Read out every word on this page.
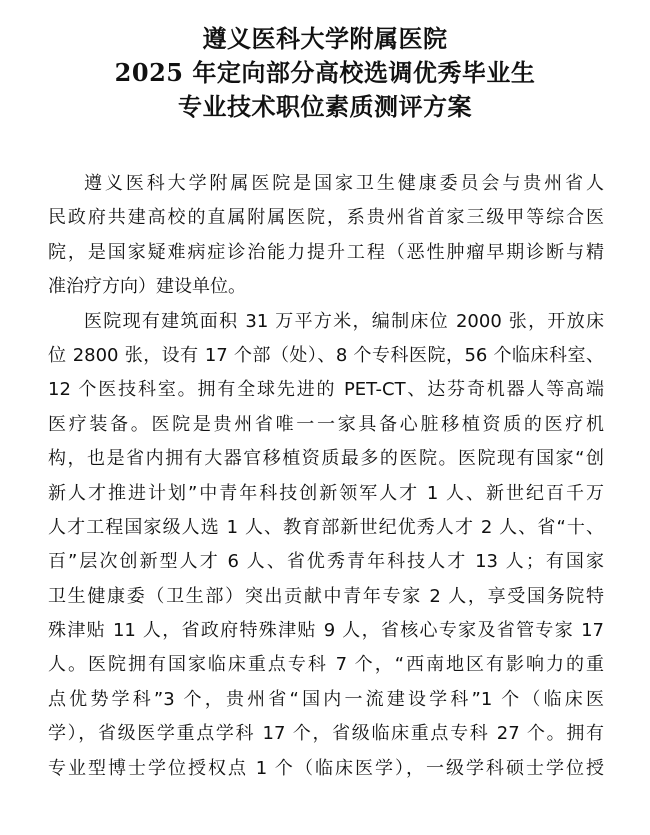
遵义医科大学附属医院
2025 年定向部分高校选调优秀毕业生
专业技术职位素质测评方案
遵义医科大学附属医院是国家卫生健康委员会与贵州省人
民政府共建高校的直属附属医院，系贵州省首家三级甲等综合医
院，是国家疑难病症诊治能力提升工程（恶性肿瘤早期诊断与精
准治疗方向）建设单位。
医院现有建筑面积 31 万平方米，编制床位 2000 张，开放床
位 2800 张，设有 17 个部（处）、8 个专科医院，56 个临床科室、
12 个医技科室。拥有全球先进的 PET-CT、达芬奇机器人等高端
医疗装备。医院是贵州省唯一一家具备心脏移植资质的医疗机
构，也是省内拥有大器官移植资质最多的医院。医院现有国家“创
新人才推进计划”中青年科技创新领军人才 1 人、新世纪百千万
人才工程国家级人选 1 人、教育部新世纪优秀人才 2 人、省“十、
百”层次创新型人才 6 人、省优秀青年科技人才 13 人；有国家
卫生健康委（卫生部）突出贡献中青年专家 2 人，享受国务院特
殊津贴 11 人，省政府特殊津贴 9 人，省核心专家及省管专家 17
人。医院拥有国家临床重点专科 7 个，“西南地区有影响力的重
点优势学科”3 个，贵州省“国内一流建设学科”1 个（临床医
学），省级医学重点学科 17 个，省级临床重点专科 27 个。拥有
专业型博士学位授权点 1 个（临床医学），一级学科硕士学位授
